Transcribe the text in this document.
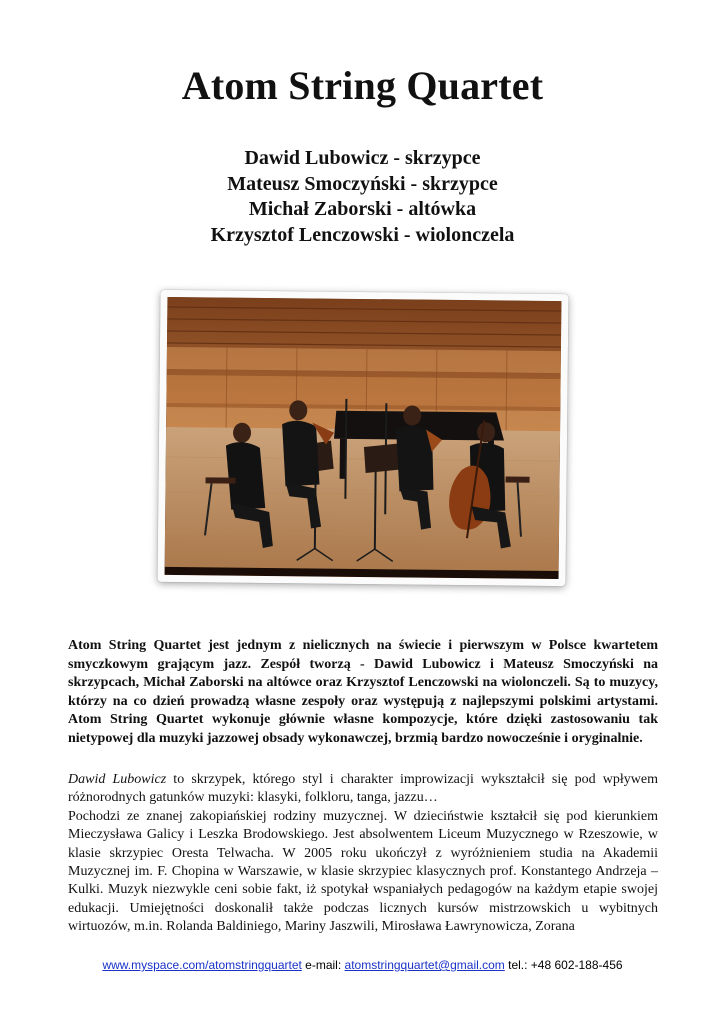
Atom String Quartet
Dawid Lubowicz - skrzypce
Mateusz Smoczyński - skrzypce
Michał Zaborski - altówka
Krzysztof Lenczowski - wiolonczela
Atom String Quartet jest jednym z nielicznych na świecie i pierwszym w Polsce kwartetem smyczkowym grającym jazz. Zespół tworzą - Dawid Lubowicz i Mateusz Smoczyński na skrzypcach, Michał Zaborski na altówce oraz Krzysztof Lenczowski na wiolonczeli. Są to muzycy, którzy na co dzień prowadzą własne zespoły oraz występują z najlepszymi polskimi artystami. Atom String Quartet wykonuje głównie własne kompozycje, które dzięki zastosowaniu tak nietypowej dla muzyki jazzowej obsady wykonawczej, brzmią bardzo nowocześnie i oryginalnie.

Dawid Lubowicz to skrzypek, którego styl i charakter improwizacji wykształcił się pod wpływem różnorodnych gatunków muzyki: klasyki, folkloru, tanga, jazzu…

Pochodzi ze znanej zakopiańskiej rodziny muzycznej. W dzieciństwie kształcił się pod kierunkiem Mieczysława Galicy i Leszka Brodowskiego. Jest absolwentem Liceum Muzycznego w Rzeszowie, w klasie skrzypiec Oresta Telwacha. W 2005 roku ukończył z wyróżnieniem studia na Akademii Muzycznej im. F. Chopina w Warszawie, w klasie skrzypiec klasycznych prof. Konstantego Andrzeja – Kulki. Muzyk niezwykle ceni sobie fakt, iż spotykał wspaniałych pedagogów na każdym etapie swojej edukacji. Umiejętności doskonalił także podczas licznych kursów mistrzowskich u wybitnych wirtuozów, m.in. Rolanda Baldiniego, Mariny Jaszwili, Mirosława Ławrynowicza, Zorana

www.myspace.com/atomstringquartet e-mail: atomstringquartet@gmail.com tel.: +48 602-188-456
